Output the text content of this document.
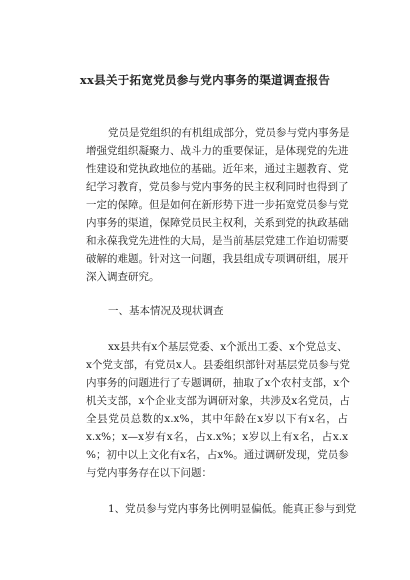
xx县关于拓宽党员参与党内事务的渠道调查报告
党员是党组织的有机组成部分，党员参与党内事务是
增强党组织凝聚力、战斗力的重要保证，是体现党的先进
性建设和党执政地位的基础。近年来，通过主题教育、党
纪学习教育，党员参与党内事务的民主权利同时也得到了
一定的保障。但是如何在新形势下进一步拓宽党员参与党
内事务的渠道，保障党员民主权利，关系到党的执政基础
和永葆我党先进性的大局，是当前基层党建工作迫切需要
破解的难题。针对这一问题，我县组成专项调研组，展开
深入调查研究。
一、基本情况及现状调查
xx县共有x个基层党委、x个派出工委、x个党总支、
x个党支部，有党员x人。县委组织部针对基层党员参与党
内事务的问题进行了专题调研，抽取了x个农村支部，x个
机关支部，x个企业支部为调研对象，共涉及x名党员，占
全县党员总数的x.x%，其中年龄在x岁以下有x名，占
x.x%；x—x岁有x名，占x.x%；x岁以上有x名，占x.x
%；初中以上文化有x名，占x%。通过调研发现，党员参
与党内事务存在以下问题：
1、党员参与党内事务比例明显偏低。能真正参与到党
